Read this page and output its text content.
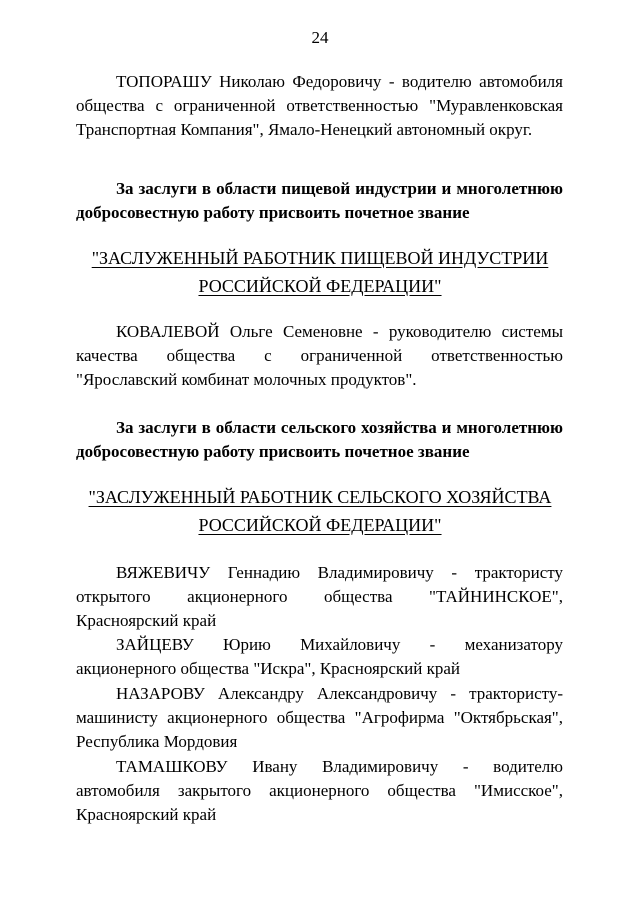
24

ТОПОРАШУ Николаю Федоровичу - водителю автомобиля общества с ограниченной ответственностью "Муравленковская Транспортная Компания", Ямало-Ненецкий автономный округ.

За заслуги в области пищевой индустрии и многолетнюю добросовестную работу присвоить почетное звание

"ЗАСЛУЖЕННЫЙ РАБОТНИК ПИЩЕВОЙ ИНДУСТРИИ
РОССИЙСКОЙ ФЕДЕРАЦИИ"

КОВАЛЕВОЙ Ольге Семеновне - руководителю системы качества общества с ограниченной ответственностью "Ярославский комбинат молочных продуктов".

За заслуги в области сельского хозяйства и многолетнюю добросовестную работу присвоить почетное звание

"ЗАСЛУЖЕННЫЙ РАБОТНИК СЕЛЬСКОГО ХОЗЯЙСТВА
РОССИЙСКОЙ ФЕДЕРАЦИИ"

ВЯЖЕВИЧУ Геннадию Владимировичу - трактористу открытого акционерного общества "ТАЙНИНСКОЕ", Красноярский край

ЗАЙЦЕВУ Юрию Михайловичу - механизатору акционерного общества "Искра", Красноярский край

НАЗАРОВУ Александру Александровичу - трактористу-машинисту акционерного общества "Агрофирма "Октябрьская", Республика Мордовия

ТАМАШКОВУ Ивану Владимировичу - водителю автомобиля закрытого акционерного общества "Имисское", Красноярский край
